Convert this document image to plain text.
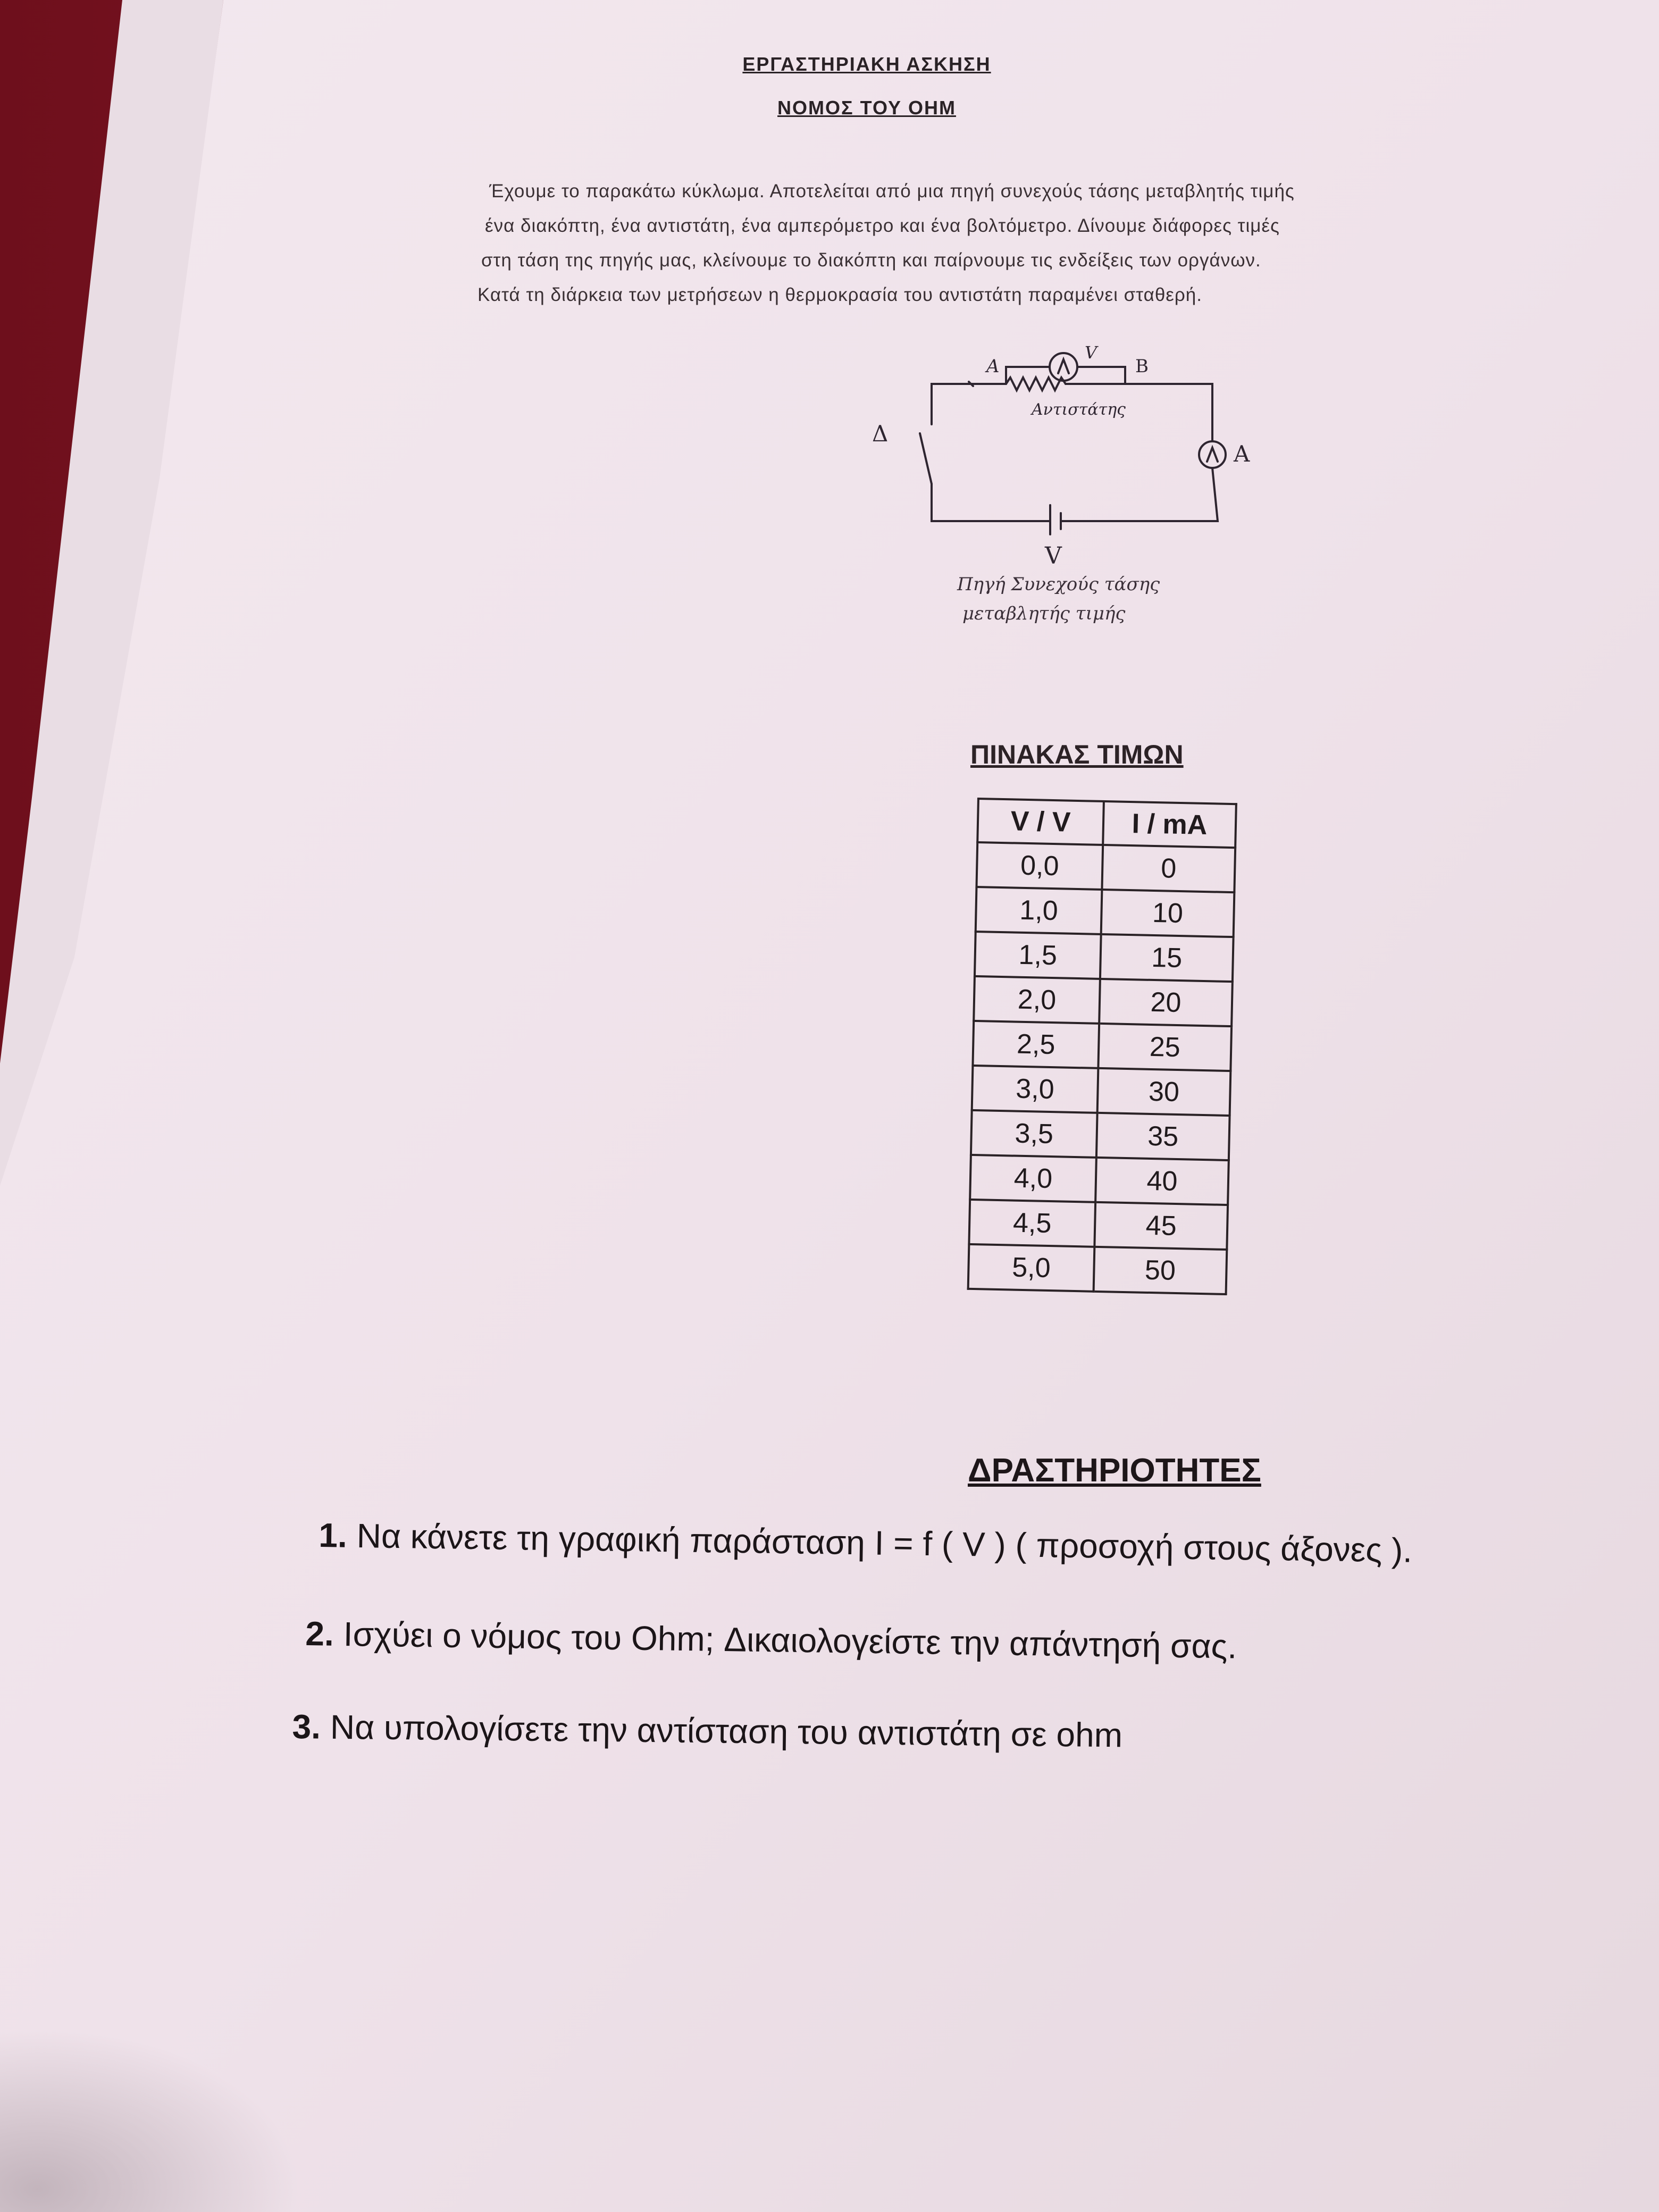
ΕΡΓΑΣΤΗΡΙΑΚΗ ΑΣΚΗΣΗ
ΝΟΜΟΣ ΤΟΥ ΟΗΜ
Έχουμε το παρακάτω κύκλωμα. Αποτελείται από μια πηγή συνεχούς τάσης μεταβλητής τιμής
ένα διακόπτη, ένα αντιστάτη, ένα αμπερόμετρο και ένα βολτόμετρο. Δίνουμε διάφορες τιμές
στη τάση της πηγής μας, κλείνουμε το διακόπτη και παίρνουμε τις ενδείξεις των οργάνων.
Κατά τη διάρκεια των μετρήσεων η θερμοκρασία του αντιστάτη παραμένει σταθερή.
A	B
V
Αντιστάτης
Δ
A
V
Πηγή Συνεχούς τάσης
μεταβλητής τιμής
ΠΙΝΑΚΑΣ ΤΙΜΩΝ
V / V	I / mA
0,0	0
1,0	10
1,5	15
2,0	20
2,5	25
3,0	30
3,5	35
4,0	40
4,5	45
5,0	50
ΔΡΑΣΤΗΡΙΟΤΗΤΕΣ
1. Να κάνετε τη γραφική παράσταση I = f ( V ) ( προσοχή στους άξονες ).
2. Ισχύει ο νόμος του Ohm; Δικαιολογείστε την απάντησή σας.
3. Να υπολογίσετε την αντίσταση του αντιστάτη σε ohm
